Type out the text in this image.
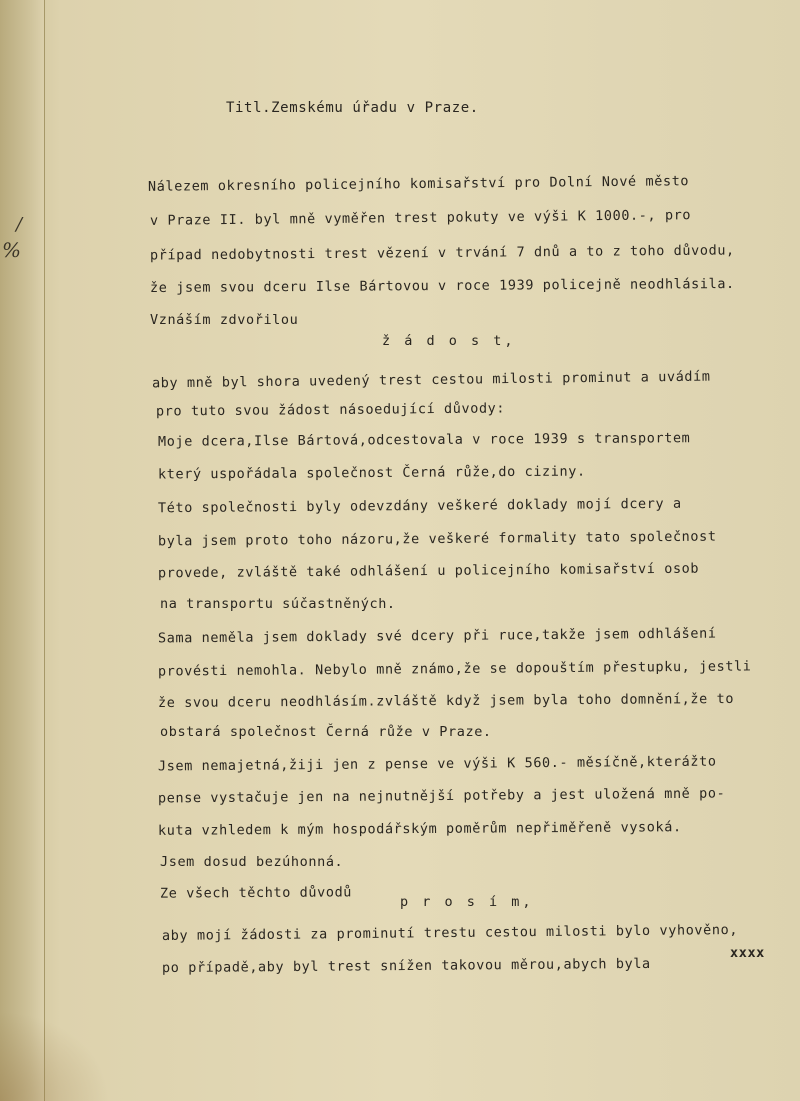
/
%
Titl.Zemskému úřadu v Praze.
Nálezem okresního policejního komisařství pro Dolní Nové město
v Praze II. byl mně vyměřen trest pokuty ve výši K 1000.-, pro
případ nedobytnosti trest vězení v trvání 7 dnů a to z toho důvodu,
že jsem svou dceru Ilse Bártovou v roce 1939 policejně neodhlásila.
Vznáším zdvořilou
ž á d o s t,
aby mně byl shora uvedený trest cestou milosti prominut a uvádím
pro tuto svou žádost násoedující důvody:
Moje dcera,Ilse Bártová,odcestovala v roce 1939 s transportem
který uspořádala společnost Černá růže,do ciziny.
Této společnosti byly odevzdány veškeré doklady mojí dcery a
byla jsem proto toho názoru,že veškeré formality tato společnost
provede, zvláště také odhlášení u policejního komisařství osob
na transportu súčastněných.
Sama neměla jsem doklady své dcery při ruce,takže jsem odhlášení
provésti nemohla. Nebylo mně známo,že se dopouštím přestupku, jestli
že svou dceru neodhlásím.zvláště když jsem byla toho domnění,že to
obstará společnost Černá růže v Praze.
Jsem nemajetná,žiji jen z pense ve výši K 560.- měsíčně,kterážto
pense vystačuje jen na nejnutnější potřeby a jest uložená mně po-
kuta vzhledem k mým hospodářským poměrům nepřiměřeně vysoká.
Jsem dosud bezúhonná.
Ze všech těchto důvodů
p r o s í m,
aby mojí žádosti za prominutí trestu cestou milosti bylo vyhověno,
po případě,aby byl trest snížen takovou měrou,abych byla
xxxx
